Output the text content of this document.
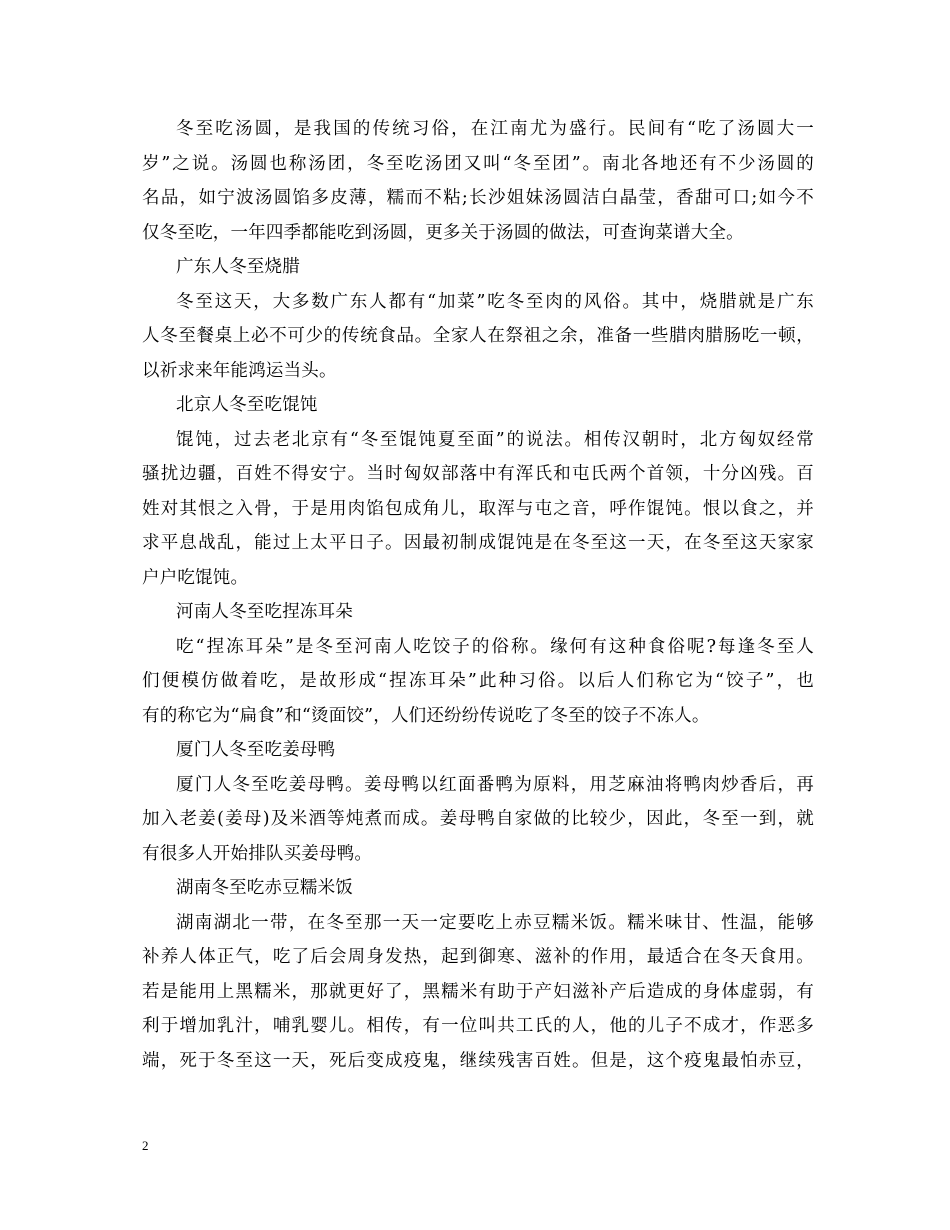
冬至吃汤圆，是我国的传统习俗，在江南尤为盛行。民间有“吃了汤圆大一
岁”之说。汤圆也称汤团，冬至吃汤团又叫“冬至团”。南北各地还有不少汤圆的
名品，如宁波汤圆馅多皮薄，糯而不粘;长沙姐妹汤圆洁白晶莹，香甜可口;如今不
仅冬至吃，一年四季都能吃到汤圆，更多关于汤圆的做法，可查询菜谱大全。
广东人冬至烧腊
冬至这天，大多数广东人都有“加菜”吃冬至肉的风俗。其中，烧腊就是广东
人冬至餐桌上必不可少的传统食品。全家人在祭祖之余，准备一些腊肉腊肠吃一顿，
以祈求来年能鸿运当头。
北京人冬至吃馄饨
馄饨，过去老北京有“冬至馄饨夏至面”的说法。相传汉朝时，北方匈奴经常
骚扰边疆，百姓不得安宁。当时匈奴部落中有浑氏和屯氏两个首领，十分凶残。百
姓对其恨之入骨，于是用肉馅包成角儿，取浑与屯之音，呼作馄饨。恨以食之，并
求平息战乱，能过上太平日子。因最初制成馄饨是在冬至这一天，在冬至这天家家
户户吃馄饨。
河南人冬至吃捏冻耳朵
吃“捏冻耳朵”是冬至河南人吃饺子的俗称。缘何有这种食俗呢?每逢冬至人
们便模仿做着吃，是故形成“捏冻耳朵”此种习俗。以后人们称它为“饺子”，也
有的称它为“扁食”和“烫面饺”，人们还纷纷传说吃了冬至的饺子不冻人。
厦门人冬至吃姜母鸭
厦门人冬至吃姜母鸭。姜母鸭以红面番鸭为原料，用芝麻油将鸭肉炒香后，再
加入老姜(姜母)及米酒等炖煮而成。姜母鸭自家做的比较少，因此，冬至一到，就
有很多人开始排队买姜母鸭。
湖南冬至吃赤豆糯米饭
湖南湖北一带，在冬至那一天一定要吃上赤豆糯米饭。糯米味甘、性温，能够
补养人体正气，吃了后会周身发热，起到御寒、滋补的作用，最适合在冬天食用。
若是能用上黑糯米，那就更好了，黑糯米有助于产妇滋补产后造成的身体虚弱，有
利于增加乳汁，哺乳婴儿。相传，有一位叫共工氏的人，他的儿子不成才，作恶多
端，死于冬至这一天，死后变成疫鬼，继续残害百姓。但是，这个疫鬼最怕赤豆，
2
